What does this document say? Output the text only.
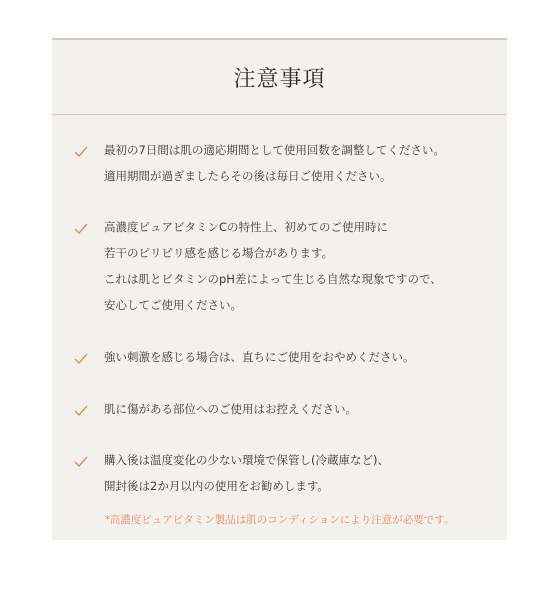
注意事項
最初の7日間は肌の適応期間として使用回数を調整してください。
適用期間が過ぎましたらその後は毎日ご使用ください。
高濃度ピュアビタミンCの特性上、初めてのご使用時に
若干のピリピリ感を感じる場合があります。
これは肌とビタミンのpH差によって生じる自然な現象ですので、
安心してご使用ください。
強い刺激を感じる場合は、直ちにご使用をおやめください。
肌に傷がある部位へのご使用はお控えください。
購入後は温度変化の少ない環境で保管し(冷蔵庫など)、
開封後は2か月以内の使用をお勧めします。
*高濃度ピュアビタミン製品は肌のコンディションにより注意が必要です。
